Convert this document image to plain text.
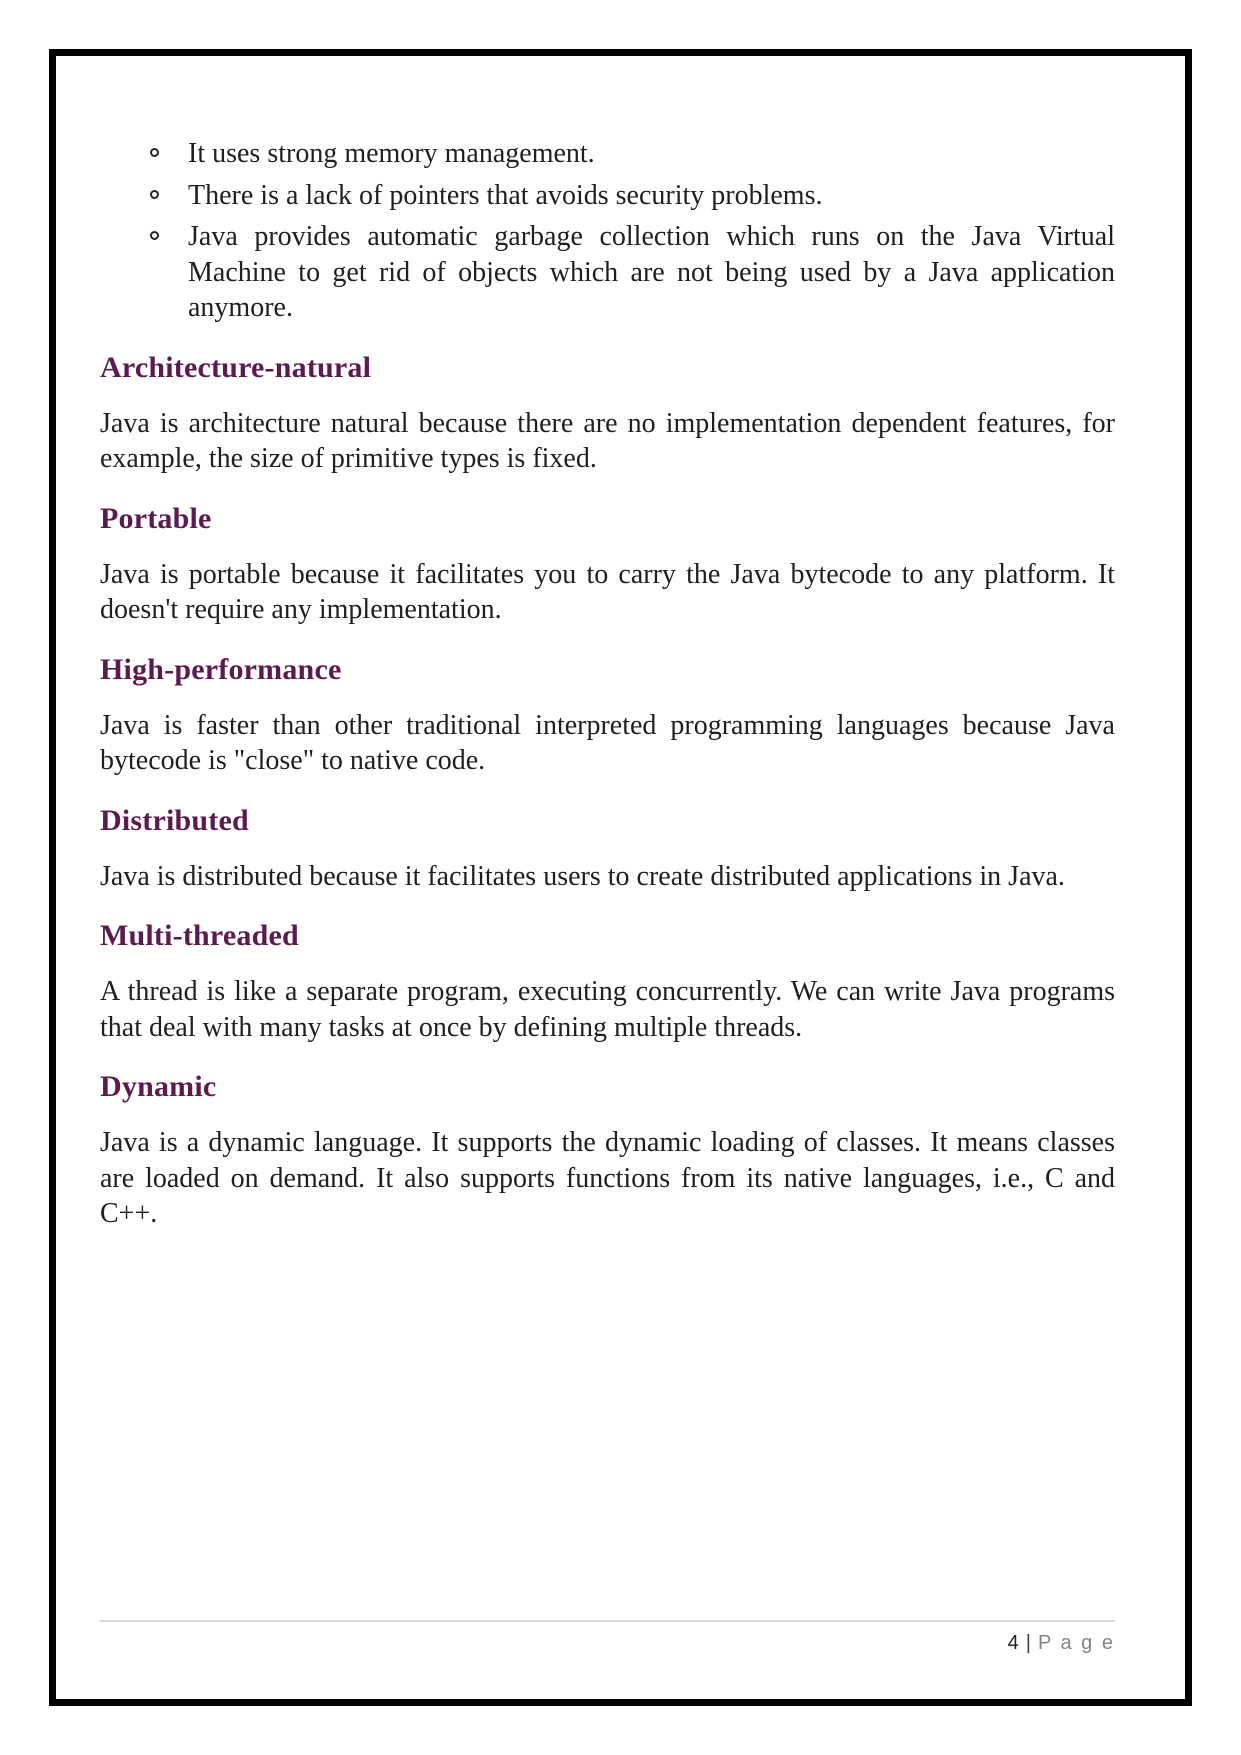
It uses strong memory management.
There is a lack of pointers that avoids security problems.
Java provides automatic garbage collection which runs on the Java Virtual Machine to get rid of objects which are not being used by a Java application anymore.
Architecture-natural

Java is architecture natural because there are no implementation dependent features, for example, the size of primitive types is fixed.

Portable

Java is portable because it facilitates you to carry the Java bytecode to any platform. It doesn't require any implementation.

High-performance

Java is faster than other traditional interpreted programming languages because Java bytecode is "close" to native code.

Distributed

Java is distributed because it facilitates users to create distributed applications in Java.

Multi-threaded

A thread is like a separate program, executing concurrently. We can write Java programs that deal with many tasks at once by defining multiple threads.

Dynamic

Java is a dynamic language. It supports the dynamic loading of classes. It means classes are loaded on demand. It also supports functions from its native languages, i.e., C and C++.

4 | P a g e
